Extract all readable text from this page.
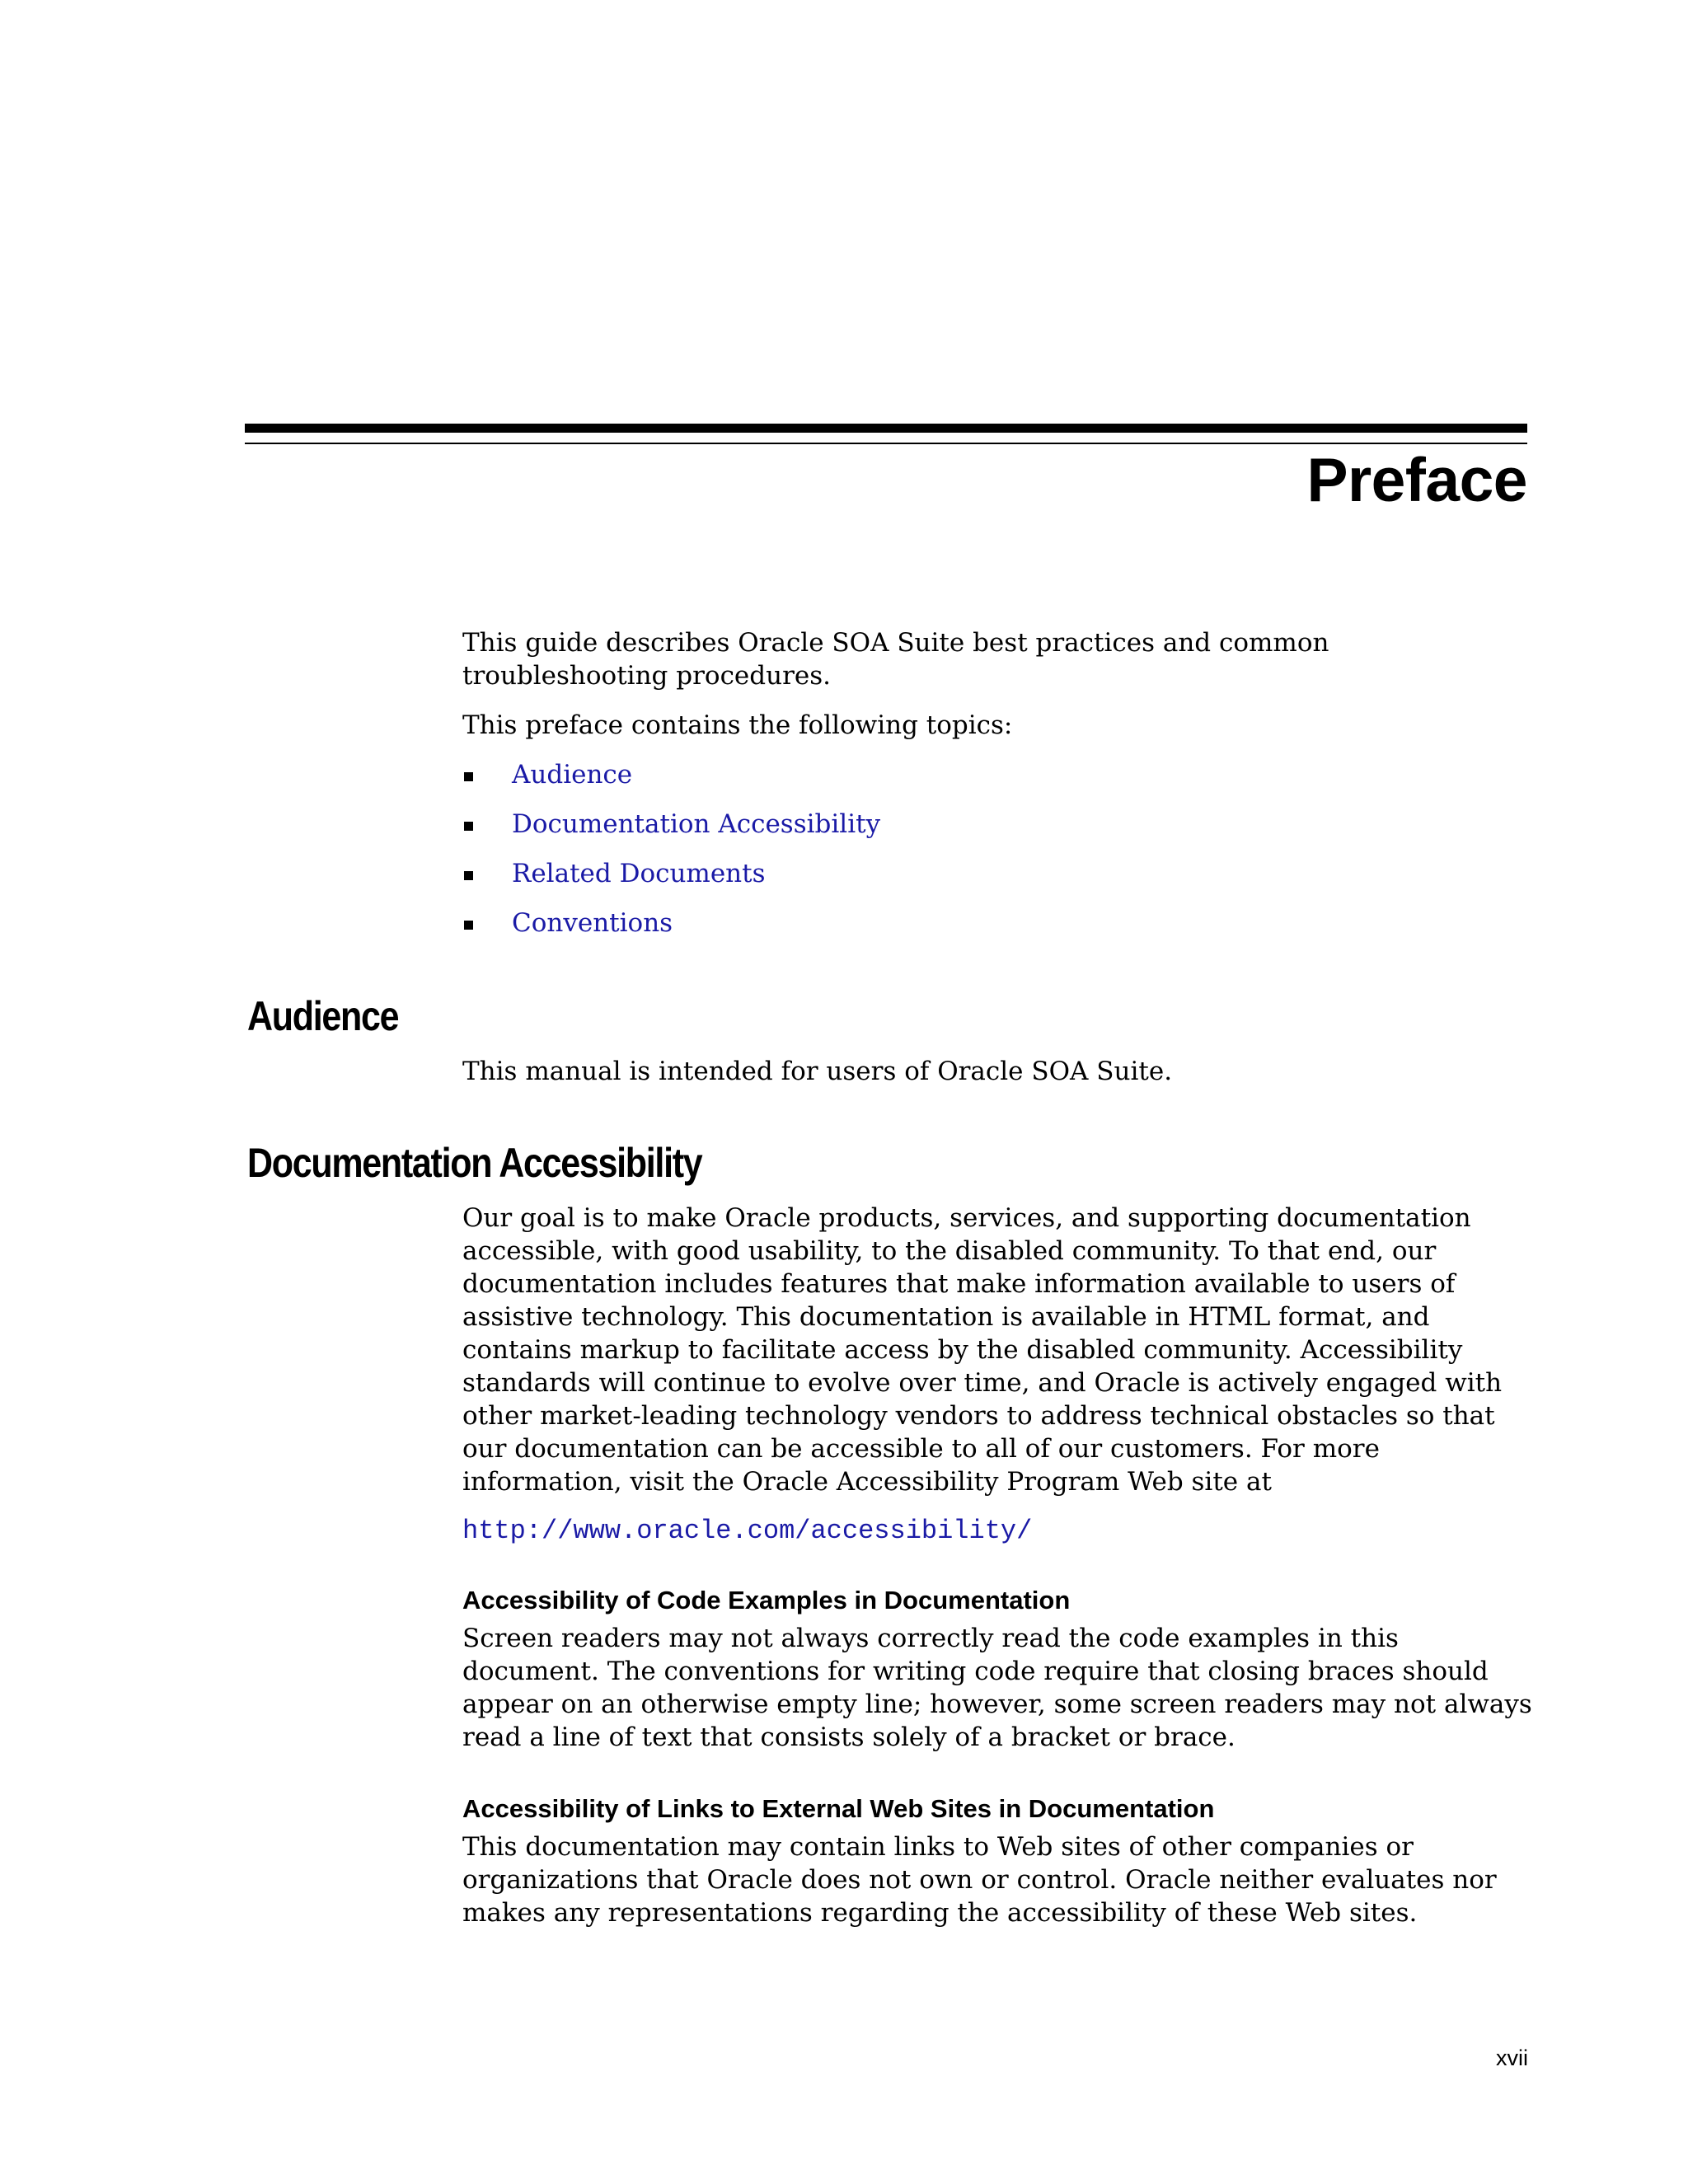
Preface

This guide describes Oracle SOA Suite best practices and common troubleshooting procedures.

This preface contains the following topics:

Audience
Documentation Accessibility
Related Documents
Conventions
Audience

This manual is intended for users of Oracle SOA Suite.

Documentation Accessibility

Our goal is to make Oracle products, services, and supporting documentation accessible, with good usability, to the disabled community. To that end, our documentation includes features that make information available to users of assistive technology. This documentation is available in HTML format, and contains markup to facilitate access by the disabled community. Accessibility standards will continue to evolve over time, and Oracle is actively engaged with other market-leading technology vendors to address technical obstacles so that our documentation can be accessible to all of our customers. For more information, visit the Oracle Accessibility Program Web site at

http://www.oracle.com/accessibility/
Accessibility of Code Examples in Documentation

Screen readers may not always correctly read the code examples in this document. The conventions for writing code require that closing braces should appear on an otherwise empty line; however, some screen readers may not always read a line of text that consists solely of a bracket or brace.

Accessibility of Links to External Web Sites in Documentation

This documentation may contain links to Web sites of other companies or organizations that Oracle does not own or control. Oracle neither evaluates nor makes any representations regarding the accessibility of these Web sites.

xvii
